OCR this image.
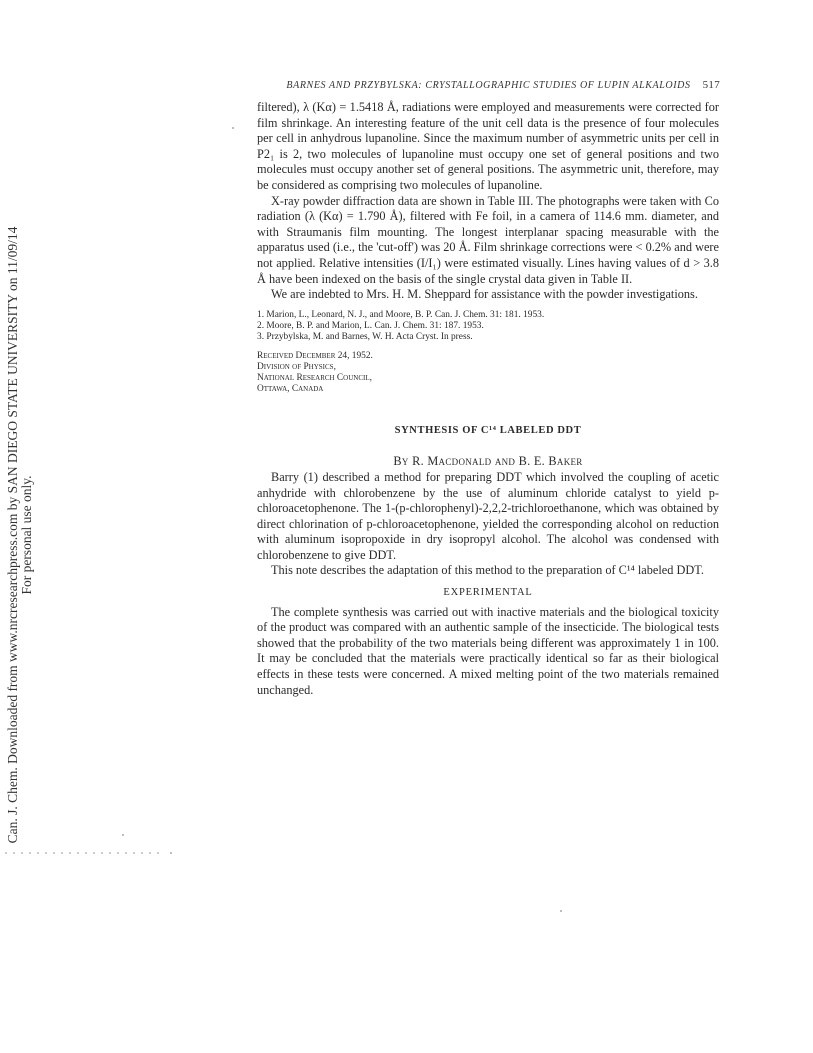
Can. J. Chem. Downloaded from www.nrcresearchpress.com by SAN DIEGO STATE UNIVERSITY on 11/09/14 For personal use only.
BARNES AND PRZYBYLSKA: CRYSTALLOGRAPHIC STUDIES OF LUPIN ALKALOIDS 517

filtered), λ (Kα) = 1.5418 Å, radiations were employed and measurements were corrected for film shrinkage. An interesting feature of the unit cell data is the presence of four molecules per cell in anhydrous lupanoline. Since the maximum number of asymmetric units per cell in P2₁ is 2, two molecules of lupanoline must occupy one set of general positions and two molecules must occupy another set of general positions. The asymmetric unit, therefore, may be considered as comprising two molecules of lupanoline.

X-ray powder diffraction data are shown in Table III. The photographs were taken with Co radiation (λ (Kα) = 1.790 Å), filtered with Fe foil, in a camera of 114.6 mm. diameter, and with Straumanis film mounting. The longest interplanar spacing measurable with the apparatus used (i.e., the 'cut-off') was 20 Å. Film shrinkage corrections were < 0.2% and were not applied. Relative intensities (I/I₁) were estimated visually. Lines having values of d > 3.8 Å have been indexed on the basis of the single crystal data given in Table II.

We are indebted to Mrs. H. M. Sheppard for assistance with the powder investigations.

1. Marion, L., Leonard, N. J., and Moore, B. P. Can. J. Chem. 31: 181. 1953.
2. Moore, B. P. and Marion, L. Can. J. Chem. 31: 187. 1953.
3. Przybylska, M. and Barnes, W. H. Acta Cryst. In press.
Received December 24, 1952.
Division of Physics,
National Research Council,
Ottawa, Canada
SYNTHESIS OF C¹⁴ LABELED DDT
By R. Macdonald and B. E. Baker

Barry (1) described a method for preparing DDT which involved the coupling of acetic anhydride with chlorobenzene by the use of aluminum chloride catalyst to yield p-chloroacetophenone. The 1-(p-chlorophenyl)-2,2,2-trichloroethanone, which was obtained by direct chlorination of p-chloroacetophenone, yielded the corresponding alcohol on reduction with aluminum isopropoxide in dry isopropyl alcohol. The alcohol was condensed with chlorobenzene to give DDT.

This note describes the adaptation of this method to the preparation of C¹⁴ labeled DDT.

EXPERIMENTAL

The complete synthesis was carried out with inactive materials and the biological toxicity of the product was compared with an authentic sample of the insecticide. The biological tests showed that the probability of the two materials being different was approximately 1 in 100. It may be concluded that the materials were practically identical so far as their biological effects in these tests were concerned. A mixed melting point of the two materials remained unchanged.
